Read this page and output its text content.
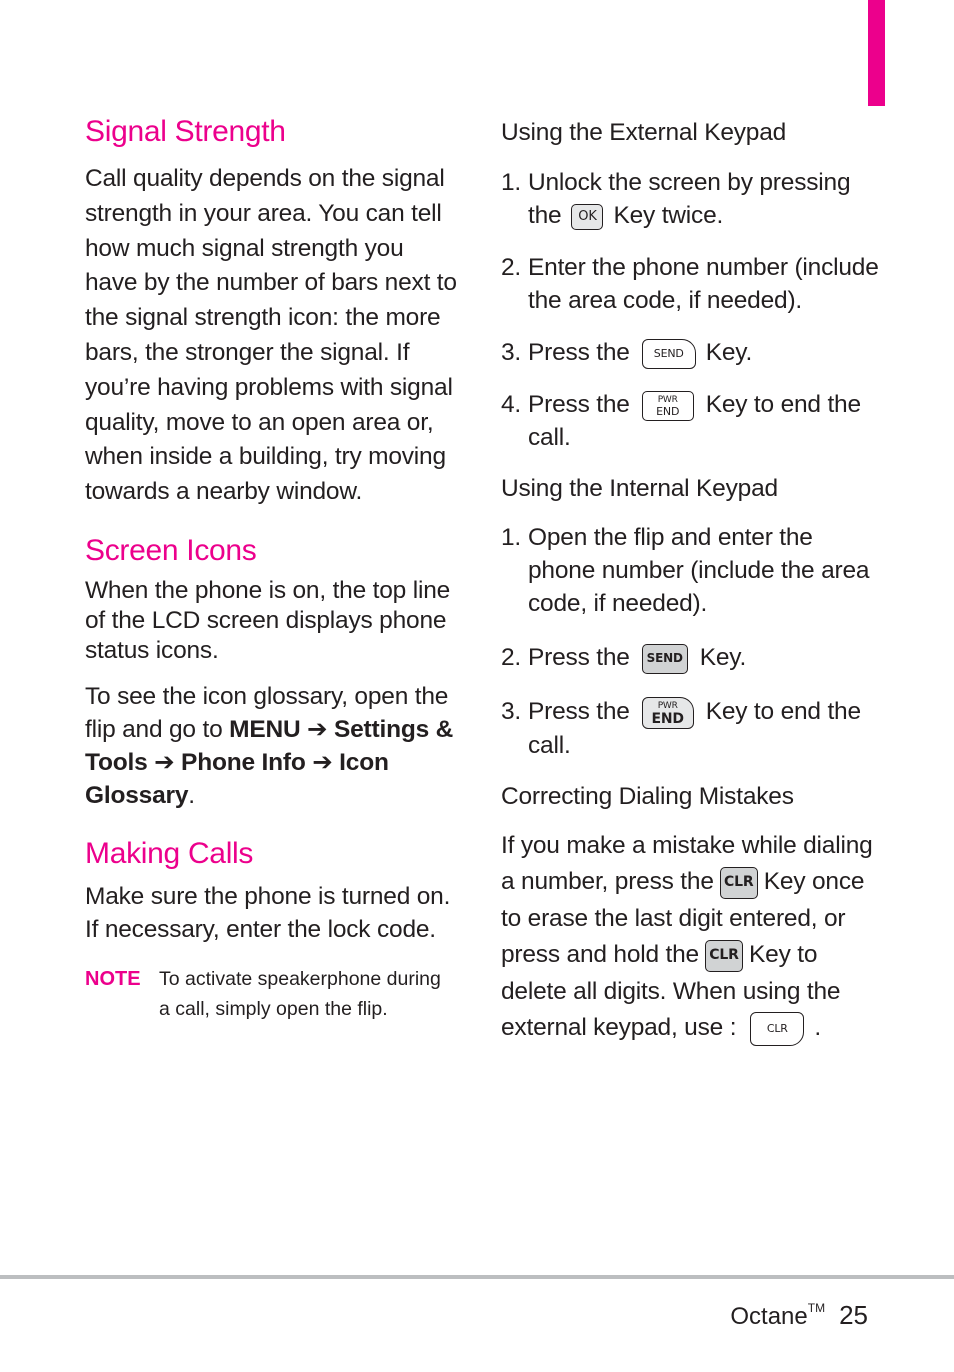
Signal Strength

Call quality depends on the signal strength in your area. You can tell how much signal strength you have by the number of bars next to the signal strength icon: the more bars, the stronger the signal. If you’re having problems with signal quality, move to an open area or, when inside a building, try moving towards a nearby window.

Screen Icons

When the phone is on, the top line of the LCD screen displays phone status icons.

To see the icon glossary, open the flip and go to MENU ➔ Settings & Tools ➔ Phone Info ➔ Icon Glossary.

Making Calls

Make sure the phone is turned on. If necessary, enter the lock code.

NOTE To activate speakerphone during a call, simply open the flip.
Using the External Keypad
1. Unlock the screen by pressing the OK Key twice.
2. Enter the phone number (include the area code, if needed).
3. Press the SEND Key.
4. Press the	PWR
END	Key to end the call.
Using the Internal Keypad
1. Open the flip and enter the phone number (include the area code, if needed).
2. Press the SEND Key.
3. Press the	PWR
END Key to end the call.
Correcting Dialing Mistakes

If you make a mistake while dialing a number, press the CLR Key once to erase the last digit entered, or press and hold the CLR Key to delete all digits. When using the external keypad, use :	CLR .

Octane™ 25
